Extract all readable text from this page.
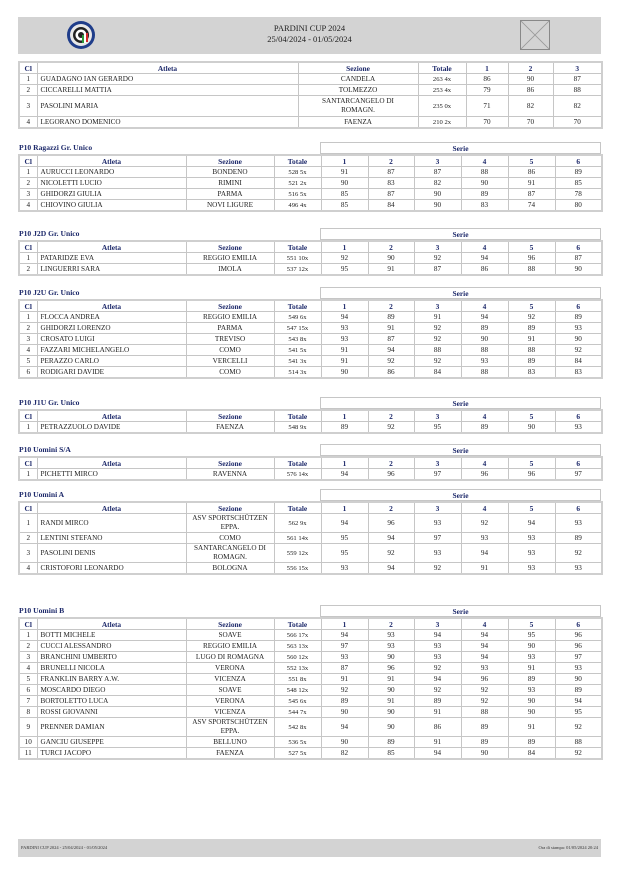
PARDINI CUP 2024
25/04/2024 - 01/05/2024
Cl	Atleta	Sezione	Totale	1	2	3
1	GUADAGNO IAN GERARDO	CANDELA	263 4x	86	90	87
2	CICCARELLI MATTIA	TOLMEZZO	253 4x	79	86	88
3	PASOLINI MARIA	SANTARCANGELO DI ROMAGN.	235 0x	71	82	82
4	LEGORANO DOMENICO	FAENZA	210 2x	70	70	70
P10 Ragazzi Gr. Unico	Serie
Cl	Atleta	Sezione	Totale	1	2	3	4	5	6
1	AURUCCI LEONARDO	BONDENO	528 5x	91	87	87	88	86	89
2	NICOLETTI LUCIO	RIMINI	521 2x	90	83	82	90	91	85
3	GHIDORZI GIULIA	PARMA	516 5x	85	87	90	89	87	78
4	CHIOVINO GIULIA	NOVI LIGURE	496 4x	85	84	90	83	74	80
P10 J2D Gr. Unico	Serie
Cl	Atleta	Sezione	Totale	1	2	3	4	5	6
1	PATARIDZE EVA	REGGIO EMILIA	551 10x	92	90	92	94	96	87
2	LINGUERRI SARA	IMOLA	537 12x	95	91	87	86	88	90
P10 J2U Gr. Unico	Serie
Cl	Atleta	Sezione	Totale	1	2	3	4	5	6
1	FLOCCA ANDREA	REGGIO EMILIA	549 6x	94	89	91	94	92	89
2	GHIDORZI LORENZO	PARMA	547 15x	93	91	92	89	89	93
3	CROSATO LUIGI	TREVISO	543 8x	93	87	92	90	91	90
4	FAZZARI MICHELANGELO	COMO	541 5x	91	94	88	88	88	92
5	PERAZZO CARLO	VERCELLI	541 3x	91	92	92	93	89	84
6	RODIGARI DAVIDE	COMO	514 3x	90	86	84	88	83	83
P10 J1U Gr. Unico	Serie
Cl	Atleta	Sezione	Totale	1	2	3	4	5	6
1	PETRAZZUOLO DAVIDE	FAENZA	548 9x	89	92	95	89	90	93
P10 Uomini S/A	Serie
Cl	Atleta	Sezione	Totale	1	2	3	4	5	6
1	PICHETTI MIRCO	RAVENNA	576 14x	94	96	97	96	96	97
P10 Uomini A	Serie
Cl	Atleta	Sezione	Totale	1	2	3	4	5	6
1	RANDI MIRCO	ASV SPORTSCHÜTZEN EPPA.	562 9x	94	96	93	92	94	93
2	LENTINI STEFANO	COMO	561 14x	95	94	97	93	93	89
3	PASOLINI DENIS	SANTARCANGELO DI ROMAGN.	559 12x	95	92	93	94	93	92
4	CRISTOFORI LEONARDO	BOLOGNA	556 15x	93	94	92	91	93	93
P10 Uomini B	Serie
Cl	Atleta	Sezione	Totale	1	2	3	4	5	6
1	BOTTI MICHELE	SOAVE	566 17x	94	93	94	94	95	96
2	CUCCI ALESSANDRO	REGGIO EMILIA	563 13x	97	93	93	94	90	96
3	BRANCHINI UMBERTO	LUGO DI ROMAGNA	560 12x	93	90	93	94	93	97
4	BRUNELLI NICOLA	VERONA	552 13x	87	96	92	93	91	93
5	FRANKLIN BARRY A.W.	VICENZA	551 8x	91	91	94	96	89	90
6	MOSCARDO DIEGO	SOAVE	548 12x	92	90	92	92	93	89
7	BORTOLETTO LUCA	VERONA	545 6x	89	91	89	92	90	94
8	ROSSI GIOVANNI	VICENZA	544 7x	90	90	91	88	90	95
9	PRENNER DAMIAN	ASV SPORTSCHÜTZEN EPPA.	542 8x	94	90	86	89	91	92
10	GANCIU GIUSEPPE	BELLUNO	536 5x	90	89	91	89	89	88
11	TURCI JACOPO	FAENZA	527 5x	82	85	94	90	84	92
PARDINI CUP 2024 - 25/04/2024 - 01/05/2024	Ora di stampa: 01/05/2024 20:24
